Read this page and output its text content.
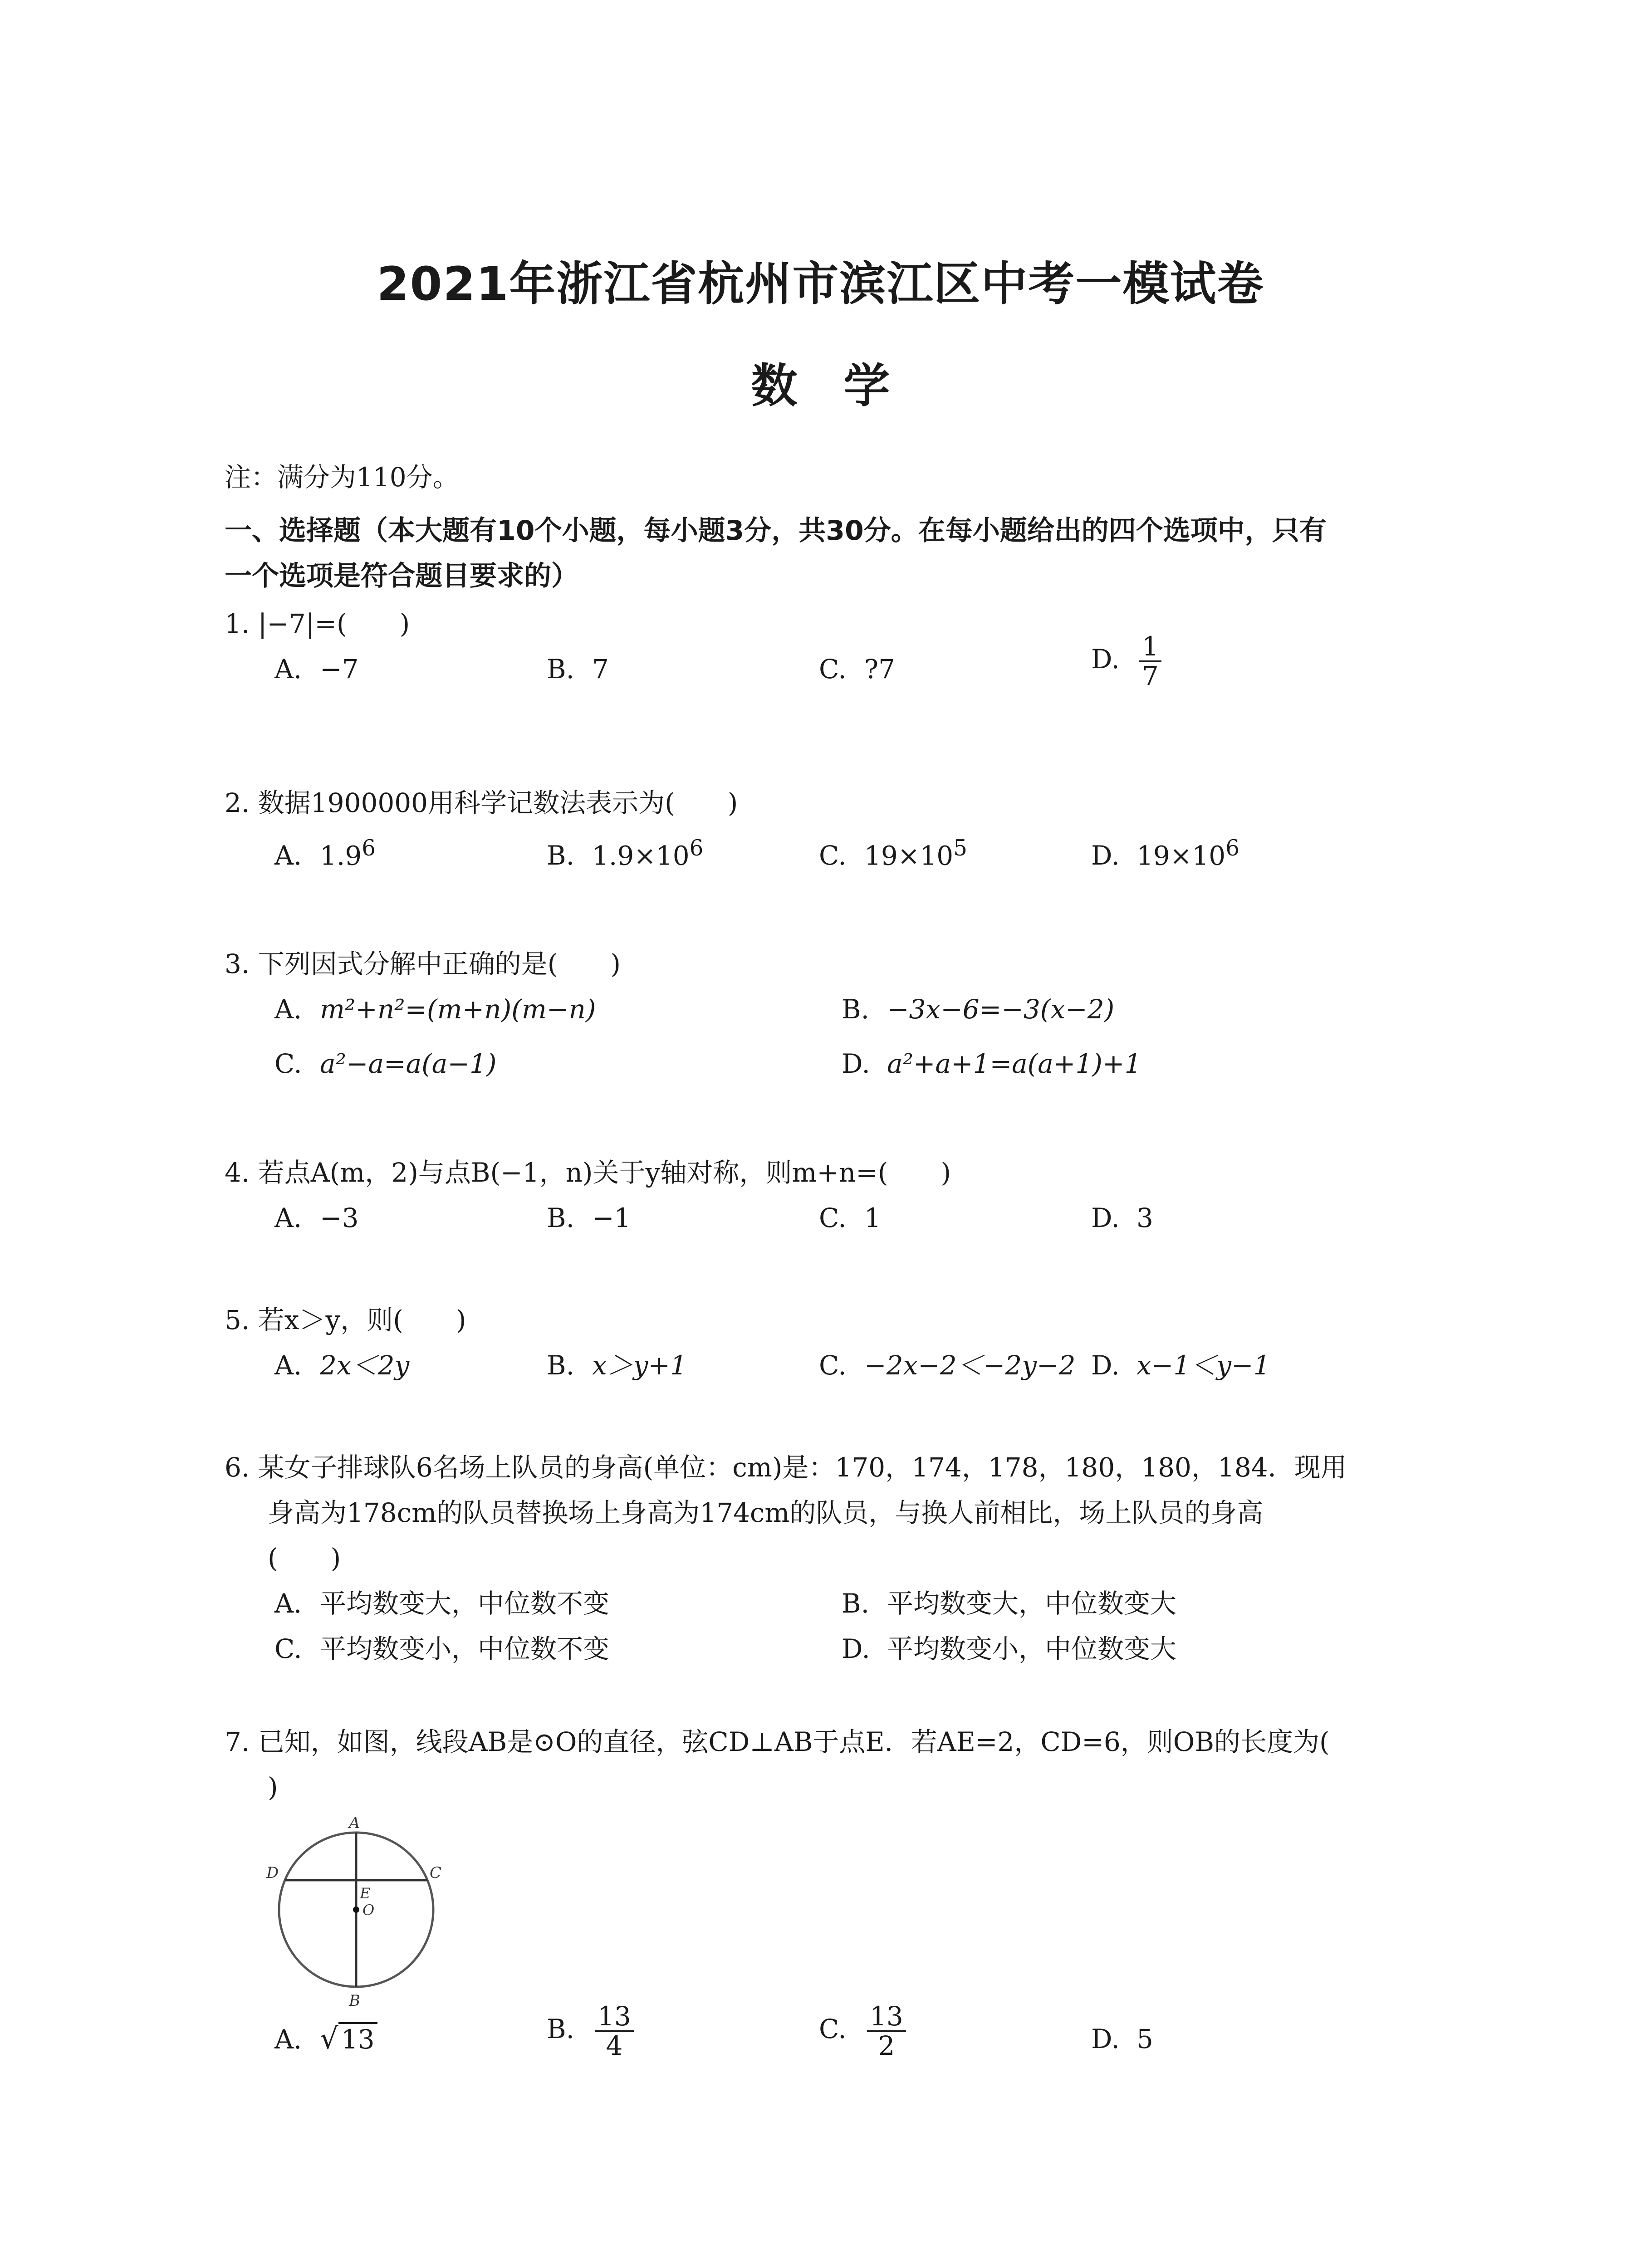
2021年浙江省杭州市滨江区中考一模试卷
数　学
注：满分为110分。
一、选择题（本大题有10个小题，每小题3分，共30分。在每小题给出的四个选项中，只有
一个选项是符合题目要求的）

1. |−7|=(　　)

A. −7	B. 7	C. ?7	D. $\frac{1}{7}$

2. 数据1900000用科学记数法表示为(　　)

A. $1.9^6$	B. $1.9\times 10^6$	C. $19\times 10^5$	D. $19\times 10^6$

3. 下列因式分解中正确的是(　　)

A. m²+n²=(m+n)(m−n)	B. −3x−6=−3(x−2)
C. a²−a=a(a−1)	D. a²+a+1=a(a+1)+1

4. 若点A(m，2)与点B(−1，n)关于y轴对称，则m+n=(　　)

A. −3	B. −1	C. 1	D. 3

5. 若x＞y，则(　　)

A. 2x＜2y	B. x＞y+1	C. −2x−2＜−2y−2 D. x−1＜y−1

6. 某女子排球队6名场上队员的身高(单位：cm)是：170，174，178，180，180，184．现用

身高为178cm的队员替换场上身高为174cm的队员，与换人前相比，场上队员的身高

(　　)

A. 平均数变大，中位数不变	B. 平均数变大，中位数变大
C. 平均数变小，中位数不变	D. 平均数变小，中位数变大

7. 已知，如图，线段AB是⊙O的直径，弦CD⊥AB于点E．若AE=2，CD=6，则OB的长度为(

)

A
B
C
D
E
O
A. √ 13	B. $\frac{13}{4}$	C. $\frac{13}{2}$	D. 5
